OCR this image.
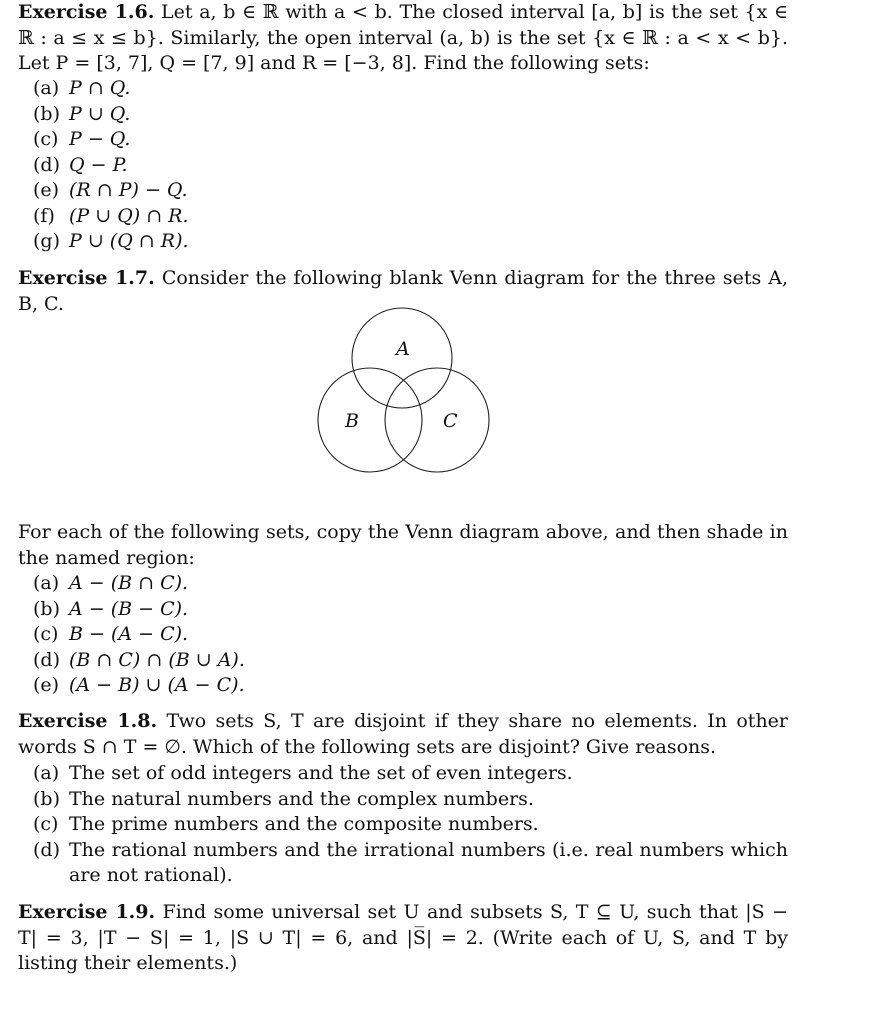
Exercise 1.6. Let a, b ∈ ℝ with a < b. The closed interval [a, b] is the set {x ∈ ℝ : a ≤ x ≤ b}. Similarly, the open interval (a, b) is the set {x ∈ ℝ : a < x < b}. Let P = [3, 7], Q = [7, 9] and R = [−3, 8]. Find the following sets:

(a) P ∩ Q.
(b) P ∪ Q.
(c) P − Q.
(d) Q − P.
(e) (R ∩ P) − Q.
(f) (P ∪ Q) ∩ R.
(g) P ∪ (Q ∩ R).

Exercise 1.7. Consider the following blank Venn diagram for the three sets A, B, C.

A
B	C

For each of the following sets, copy the Venn diagram above, and then shade in the named region:

(a) A − (B ∩ C).
(b) A − (B − C).
(c) B − (A − C).
(d) (B ∩ C) ∩ (B ∪ A).
(e) (A − B) ∪ (A − C).

Exercise 1.8. Two sets S, T are disjoint if they share no elements. In other words S ∩ T = ∅. Which of the following sets are disjoint? Give reasons.

(a) The set of odd integers and the set of even integers.
(b) The natural numbers and the complex numbers.
(c) The prime numbers and the composite numbers.
(d) The rational numbers and the irrational numbers (i.e. real numbers which are not rational).

Exercise 1.9. Find some universal set U and subsets S, T ⊆ U, such that |S − T| = 3, |T − S| = 1, |S ∪ T| = 6, and |S̅| = 2. (Write each of U, S, and T by listing their elements.)
